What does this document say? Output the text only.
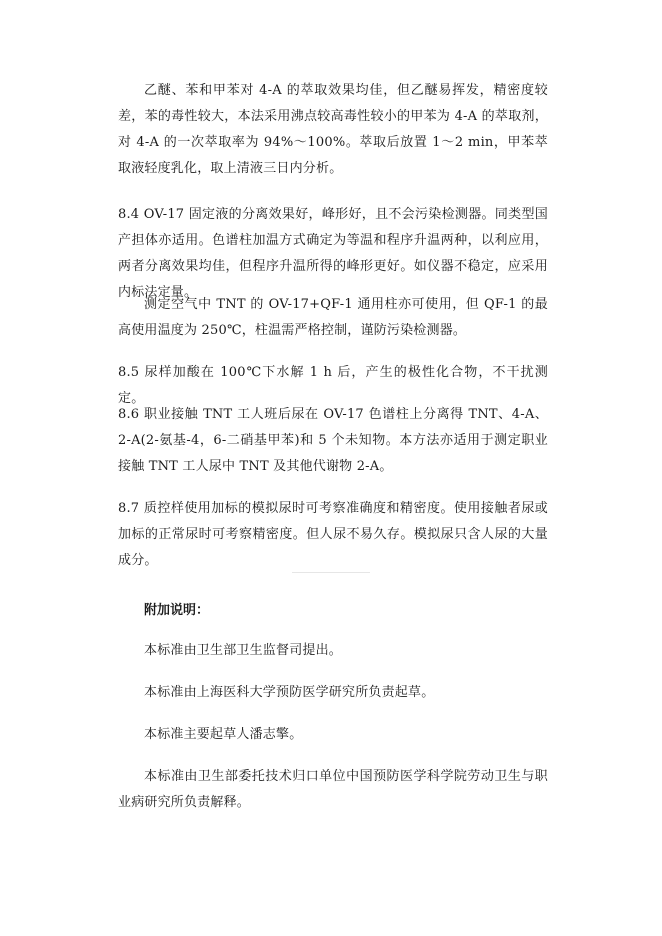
乙醚、苯和甲苯对 4-A 的萃取效果均佳，但乙醚易挥发，精密度较差，苯的毒性较大，本法采用沸点较高毒性较小的甲苯为 4-A 的萃取剂，对 4-A 的一次萃取率为 94%～100%。萃取后放置 1～2 min，甲苯萃取液轻度乳化，取上清液三日内分析。

8.4 OV-17 固定液的分离效果好，峰形好，且不会污染检测器。同类型国产担体亦适用。色谱柱加温方式确定为等温和程序升温两种，以利应用，两者分离效果均佳，但程序升温所得的峰形更好。如仪器不稳定，应采用内标法定量。

测定空气中 TNT 的 OV-17+QF-1 通用柱亦可使用，但 QF-1 的最高使用温度为 250℃，柱温需严格控制，谨防污染检测器。

8.5 尿样加酸在 100℃下水解 1 h 后，产生的极性化合物，不干扰测定。

8.6 职业接触 TNT 工人班后尿在 OV-17 色谱柱上分离得 TNT、4-A、2-A(2-氨基-4，6-二硝基甲苯)和 5 个未知物。本方法亦适用于测定职业接触 TNT 工人尿中 TNT 及其他代谢物 2-A。

8.7 质控样使用加标的模拟尿时可考察准确度和精密度。使用接触者尿或加标的正常尿时可考察精密度。但人尿不易久存。模拟尿只含人尿的大量成分。

附加说明：

本标准由卫生部卫生监督司提出。

本标准由上海医科大学预防医学研究所负责起草。

本标准主要起草人潘志擎。

本标准由卫生部委托技术归口单位中国预防医学科学院劳动卫生与职业病研究所负责解释。
